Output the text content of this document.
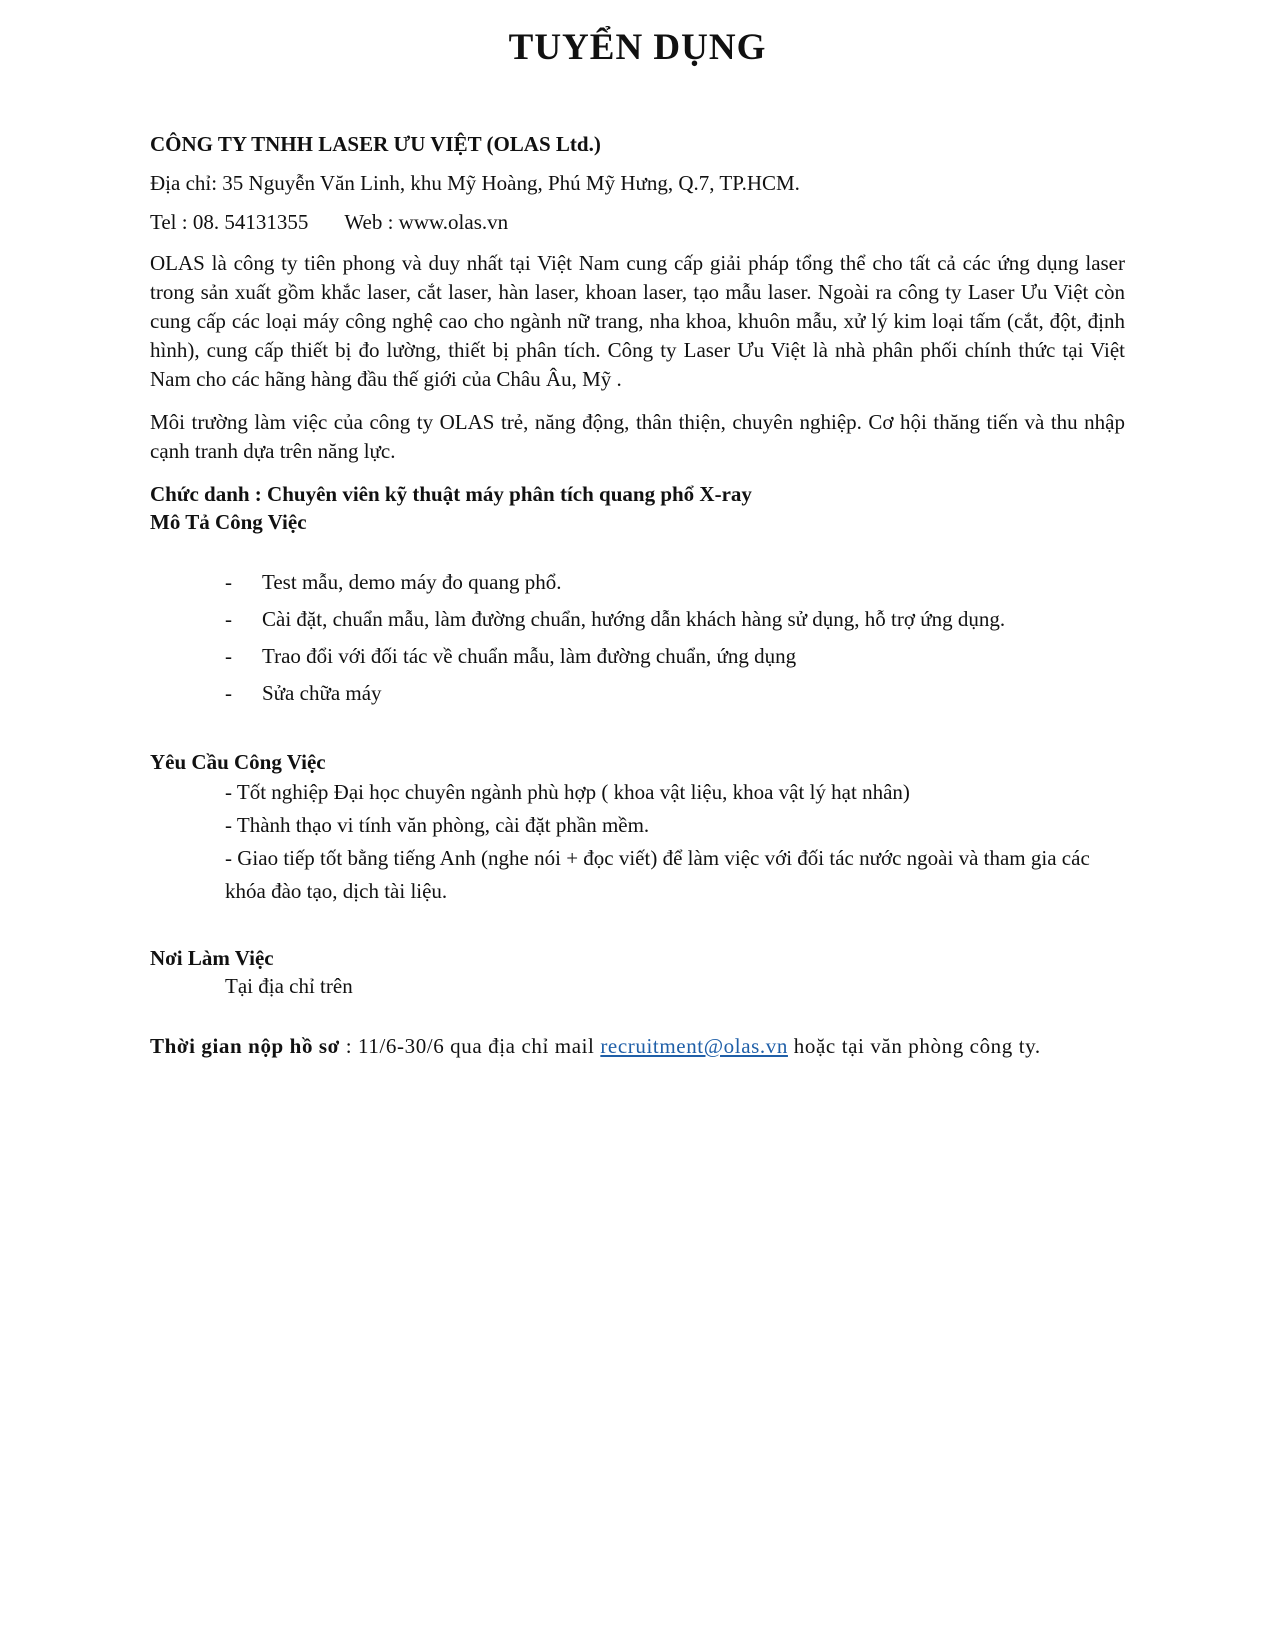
TUYỂN DỤNG

CÔNG TY TNHH LASER ƯU VIỆT (OLAS Ltd.)

Địa chỉ: 35 Nguyễn Văn Linh, khu Mỹ Hoàng, Phú Mỹ Hưng, Q.7, TP.HCM.

Tel : 08. 54131355 Web : www.olas.vn

OLAS là công ty tiên phong và duy nhất tại Việt Nam cung cấp giải pháp tổng thể cho tất cả các ứng dụng laser trong sản xuất gồm khắc laser, cắt laser, hàn laser, khoan laser, tạo mẫu laser. Ngoài ra công ty Laser Ưu Việt còn cung cấp các loại máy công nghệ cao cho ngành nữ trang, nha khoa, khuôn mẫu, xử lý kim loại tấm (cắt, đột, định hình), cung cấp thiết bị đo lường, thiết bị phân tích. Công ty Laser Ưu Việt là nhà phân phối chính thức tại Việt Nam cho các hãng hàng đầu thế giới của Châu Âu, Mỹ .

Môi trường làm việc của công ty OLAS trẻ, năng động, thân thiện, chuyên nghiệp. Cơ hội thăng tiến và thu nhập cạnh tranh dựa trên năng lực.

Chức danh : Chuyên viên kỹ thuật máy phân tích quang phổ X-ray

Mô Tả Công Việc

- Test mẫu, demo máy đo quang phổ.
- Cài đặt, chuẩn mẫu, làm đường chuẩn, hướng dẫn khách hàng sử dụng, hỗ trợ ứng dụng.
- Trao đổi với đối tác về chuẩn mẫu, làm đường chuẩn, ứng dụng
- Sửa chữa máy

Yêu Cầu Công Việc

- Tốt nghiệp Đại học chuyên ngành phù hợp ( khoa vật liệu, khoa vật lý hạt nhân)

- Thành thạo vi tính văn phòng, cài đặt phần mềm.

- Giao tiếp tốt bằng tiếng Anh (nghe nói + đọc viết) để làm việc với đối tác nước ngoài và tham gia các khóa đào tạo, dịch tài liệu.

Nơi Làm Việc

Tại địa chỉ trên

Thời gian nộp hồ sơ : 11/6-30/6 qua địa chỉ mail recruitment@olas.vn hoặc tại văn phòng công ty.
